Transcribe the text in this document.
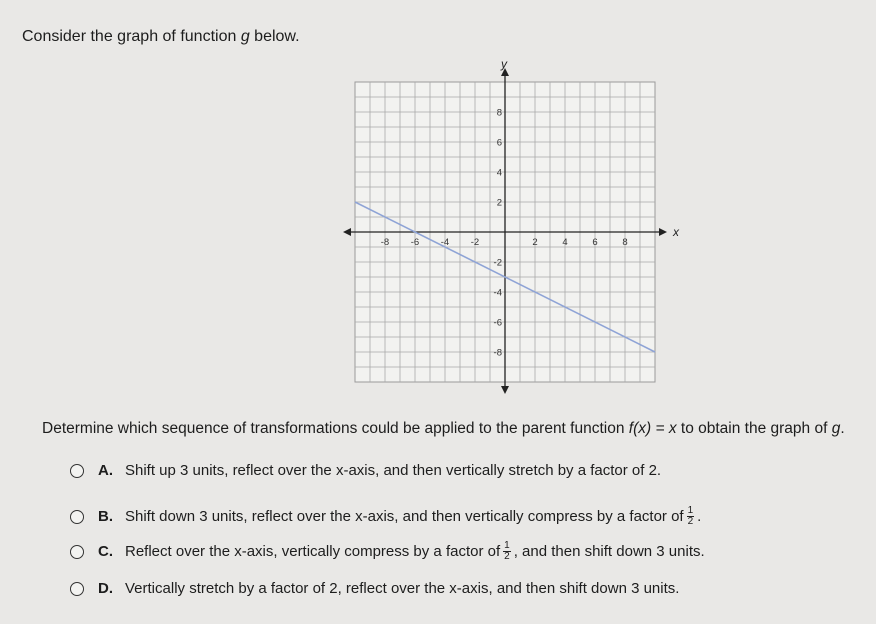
Consider the graph of function g below.
x
y
-8 -6 -4 -2	2	4	6	8
8
6
4
2
-2
-4
-6
-8
Determine which sequence of transformations could be applied to the parent function f(x) = x to obtain the graph of g.
A. Shift up 3 units, reflect over the x-axis, and then vertically stretch by a factor of 2.
B. Shift down 3 units, reflect over the x-axis, and then vertically compress by a factor of $\frac{1}{2}$ .
C. Reflect over the x-axis, vertically compress by a factor of $\frac{1}{2}$ , and then shift down 3 units.
D. Vertically stretch by a factor of 2, reflect over the x-axis, and then shift down 3 units.
